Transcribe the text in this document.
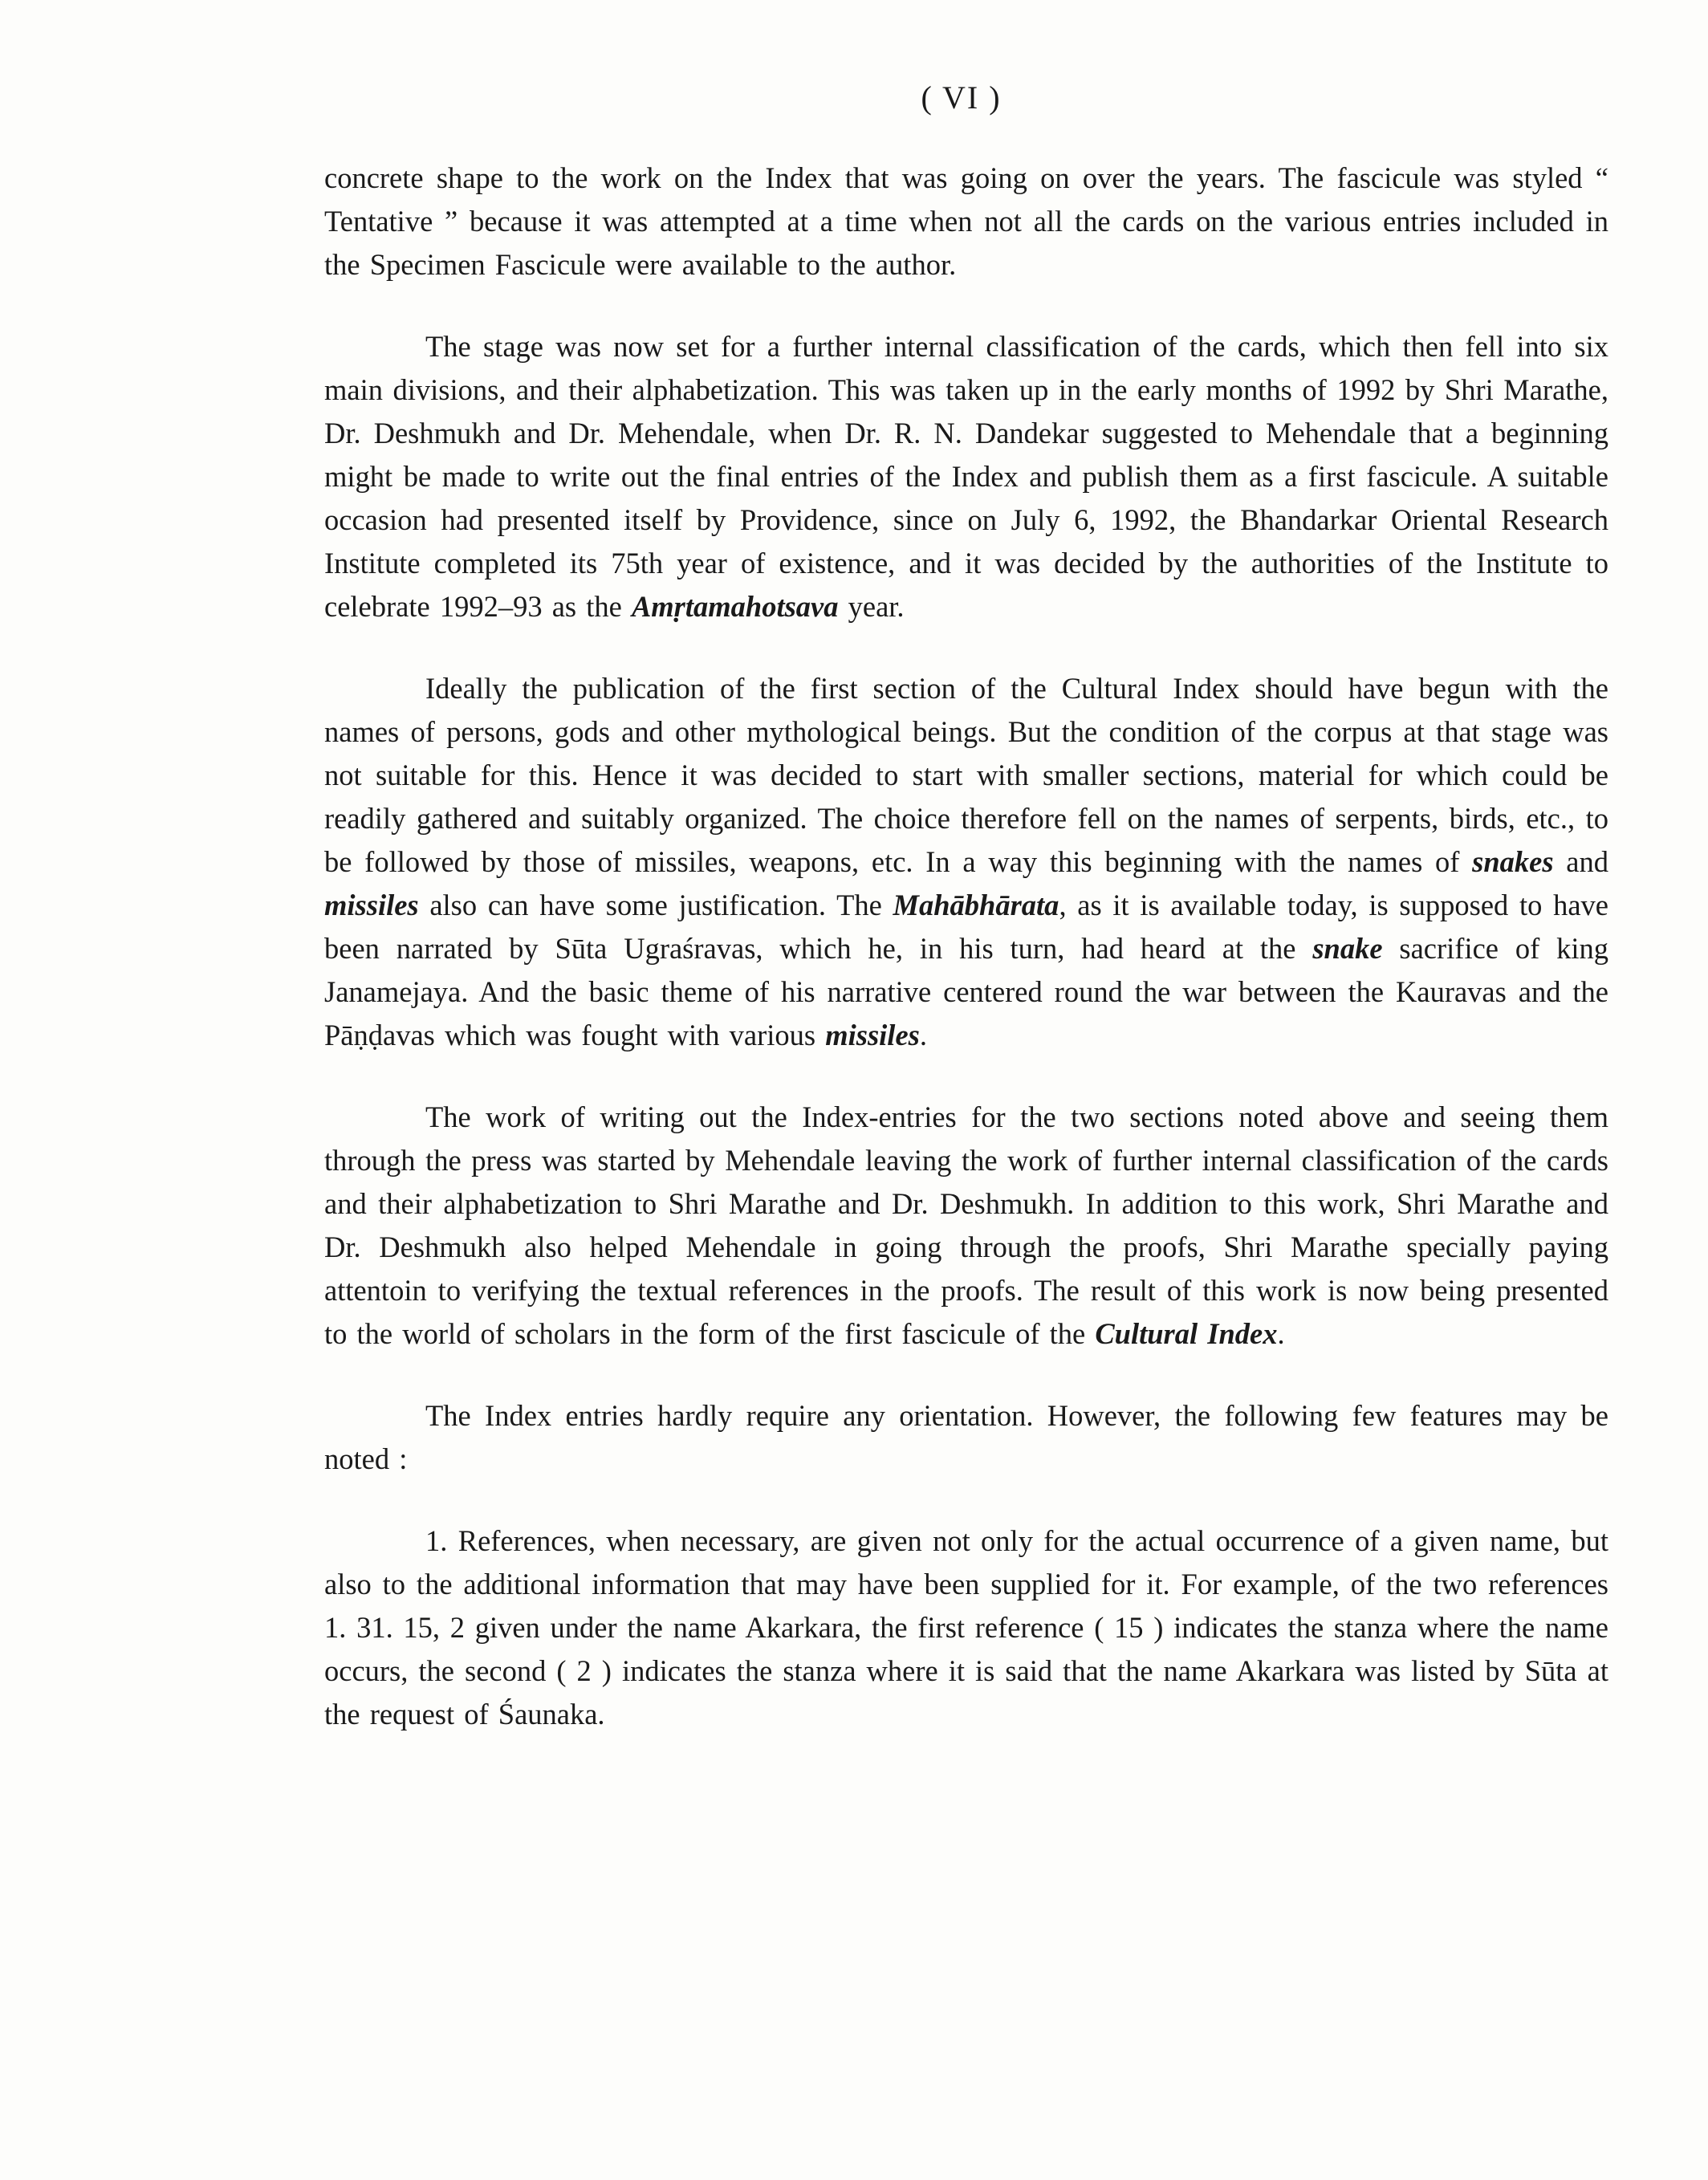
( VI )

concrete shape to the work on the Index that was going on over the years. The fascicule was styled “ Tentative ” because it was attempted at a time when not all the cards on the various entries included in the Specimen Fascicule were available to the author.

The stage was now set for a further internal classification of the cards, which then fell into six main divisions, and their alphabetization. This was taken up in the early months of 1992 by Shri Marathe, Dr. Deshmukh and Dr. Mehendale, when Dr. R. N. Dandekar suggested to Mehendale that a beginning might be made to write out the final entries of the Index and publish them as a first fascicule. A suitable occasion had presented itself by Providence, since on July 6, 1992, the Bhandarkar Oriental Research Institute completed its 75th year of existence, and it was decided by the authorities of the Institute to celebrate 1992–93 as the Amṛtamahotsava year.

Ideally the publication of the first section of the Cultural Index should have begun with the names of persons, gods and other mythological beings. But the condition of the corpus at that stage was not suitable for this. Hence it was decided to start with smaller sections, material for which could be readily gathered and suitably organized. The choice therefore fell on the names of serpents, birds, etc., to be followed by those of missiles, weapons, etc. In a way this beginning with the names of snakes and missiles also can have some justification. The Mahābhārata, as it is available today, is supposed to have been narrated by Sūta Ugraśravas, which he, in his turn, had heard at the snake sacrifice of king Janamejaya. And the basic theme of his narrative centered round the war between the Kauravas and the Pāṇḍavas which was fought with various missiles.

The work of writing out the Index-entries for the two sections noted above and seeing them through the press was started by Mehendale leaving the work of further internal classification of the cards and their alphabetization to Shri Marathe and Dr. Deshmukh. In addition to this work, Shri Marathe and Dr. Deshmukh also helped Mehendale in going through the proofs, Shri Marathe specially paying attentoin to verifying the textual references in the proofs. The result of this work is now being presented to the world of scholars in the form of the first fascicule of the Cultural Index.

The Index entries hardly require any orientation. However, the following few features may be noted :

1. References, when necessary, are given not only for the actual occurrence of a given name, but also to the additional information that may have been supplied for it. For example, of the two references 1. 31. 15, 2 given under the name Akarkara, the first reference ( 15 ) indicates the stanza where the name occurs, the second ( 2 ) indicates the stanza where it is said that the name Akarkara was listed by Sūta at the request of Śaunaka.
